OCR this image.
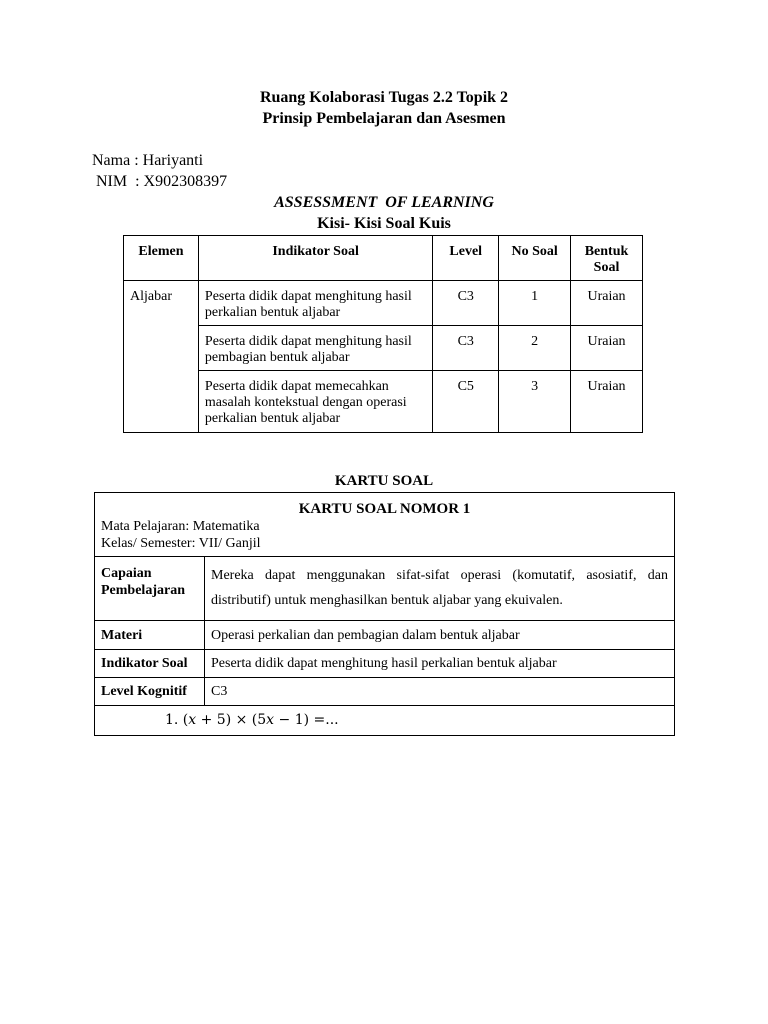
Ruang Kolaborasi Tugas 2.2 Topik 2
Prinsip Pembelajaran dan Asesmen
Nama : Hariyanti
NIM  : X902308397
ASSESSMENT  OF LEARNING
Kisi- Kisi Soal Kuis
Elemen	Indikator Soal	Level	No Soal	Bentuk Soal
Aljabar	Peserta didik dapat menghitung hasil perkalian bentuk aljabar	C3	1	Uraian
	Peserta didik dapat menghitung hasil pembagian bentuk aljabar	C3	2	Uraian
	Peserta didik dapat memecahkan masalah kontekstual dengan operasi perkalian bentuk aljabar	C5	3	Uraian
KARTU SOAL
KARTU SOAL NOMOR 1
Mata Pelajaran: Matematika
Kelas/ Semester: VII/ Ganjil	

Capaian Pembelajaran	Mereka dapat menggunakan sifat-sifat operasi (komutatif, asosiatif, dan distributif) untuk menghasilkan bentuk aljabar yang ekuivalen.
Materi	Operasi perkalian dan pembagian dalam bentuk aljabar
Indikator Soal	Peserta didik dapat menghitung hasil perkalian bentuk aljabar
Level Kognitif	C3
1. (𝑥 + 5) × (5𝑥 − 1) =...	
